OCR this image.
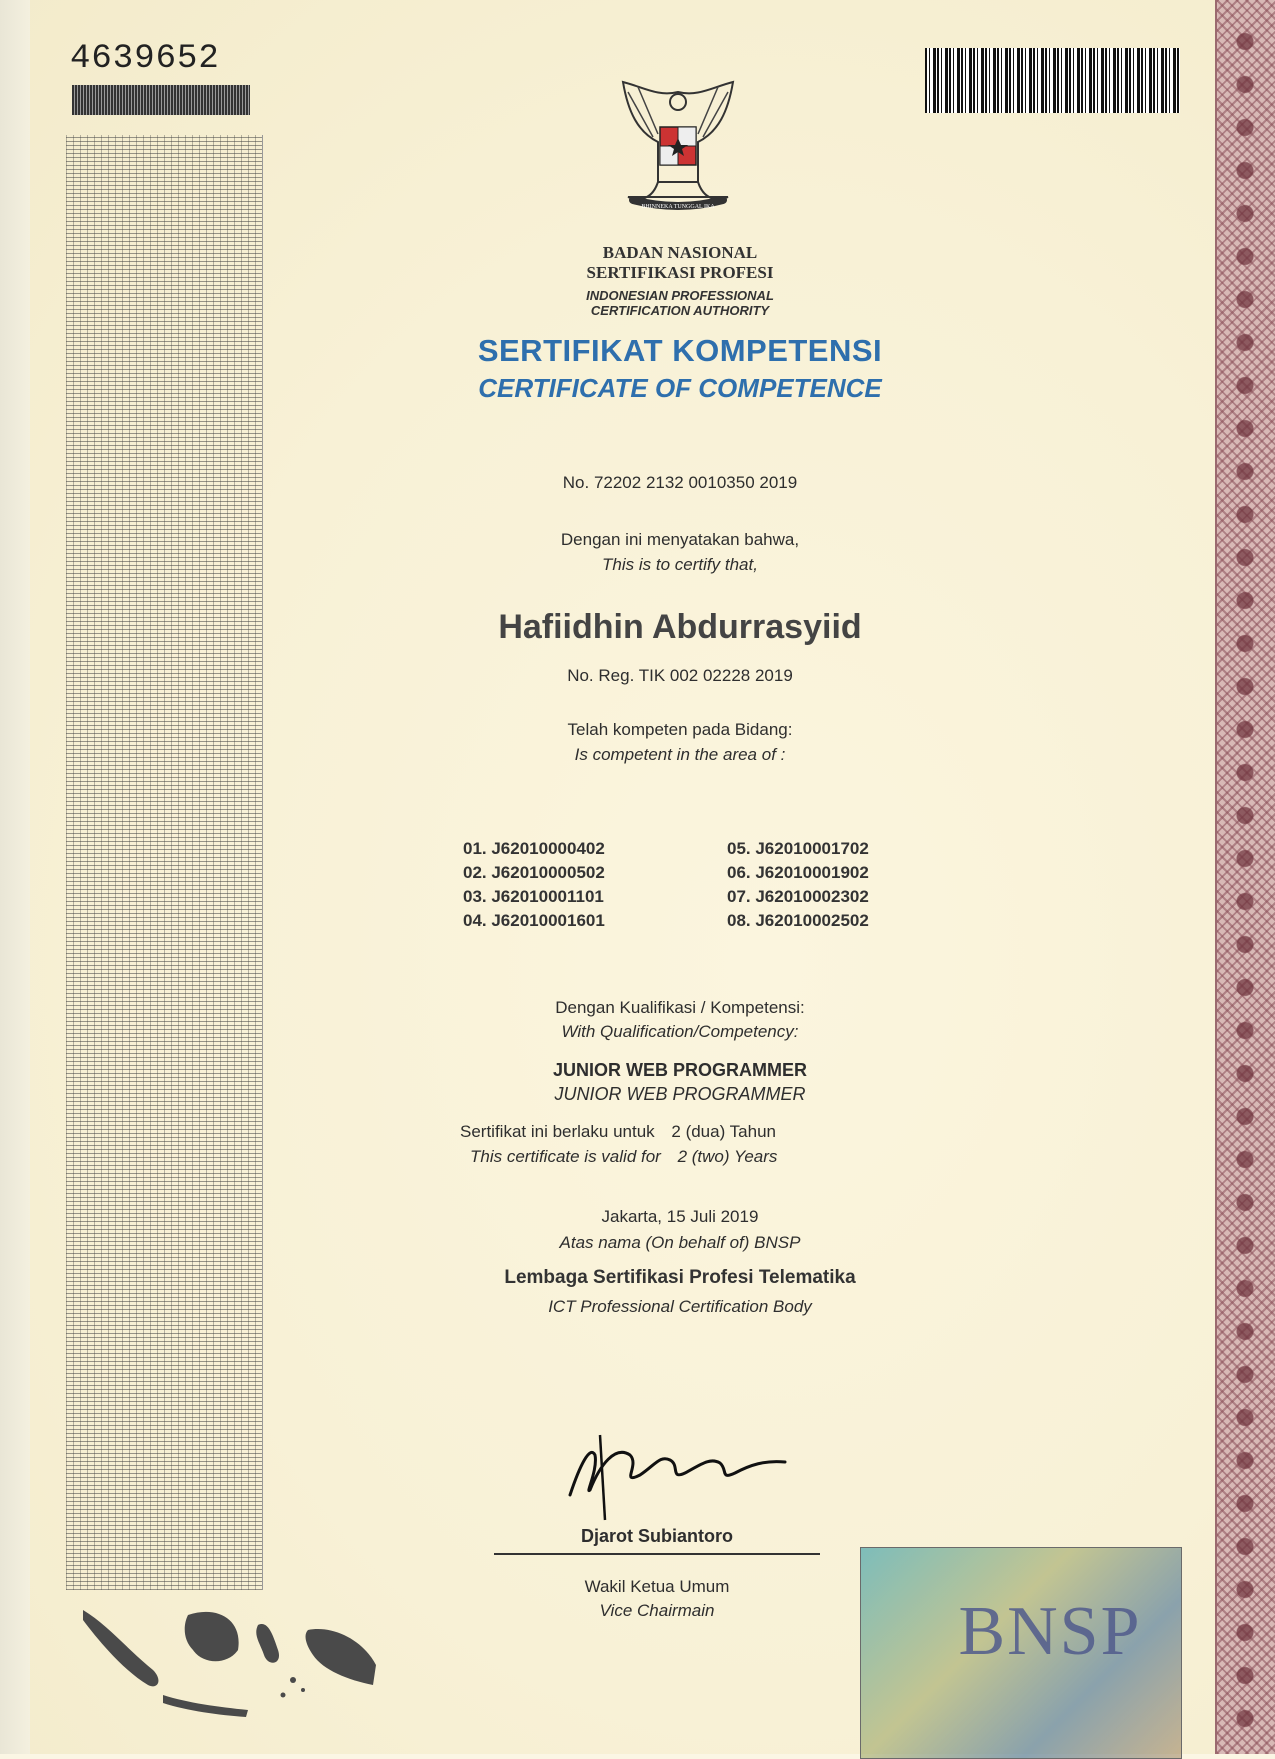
4639652
BHINNEKA TUNGGAL IKA
BADAN NASIONAL
SERTIFIKASI PROFESI
INDONESIAN PROFESSIONAL
CERTIFICATION AUTHORITY
SERTIFIKAT KOMPETENSI
CERTIFICATE OF COMPETENCE
No. 72202 2132 0010350 2019
Dengan ini menyatakan bahwa,
This is to certify that,
Hafiidhin Abdurrasyiid
No. Reg. TIK 002 02228 2019
Telah kompeten pada Bidang:
Is competent in the area of :
01. J62010000402
02. J62010000502
03. J62010001101
04. J62010001601
05. J62010001702
06. J62010001902
07. J62010002302
08. J62010002502
Dengan Kualifikasi / Kompetensi:
With Qualification/Competency:
JUNIOR WEB PROGRAMMER
JUNIOR WEB PROGRAMMER
Sertifikat ini berlaku untuk 2 (dua) Tahun
This certificate is valid for 2 (two) Years
Jakarta, 15 Juli 2019
Atas nama (On behalf of) BNSP
Lembaga Sertifikasi Profesi Telematika
ICT Professional Certification Body
Djarot Subiantoro
Wakil Ketua Umum
Vice Chairmain	BNSP
